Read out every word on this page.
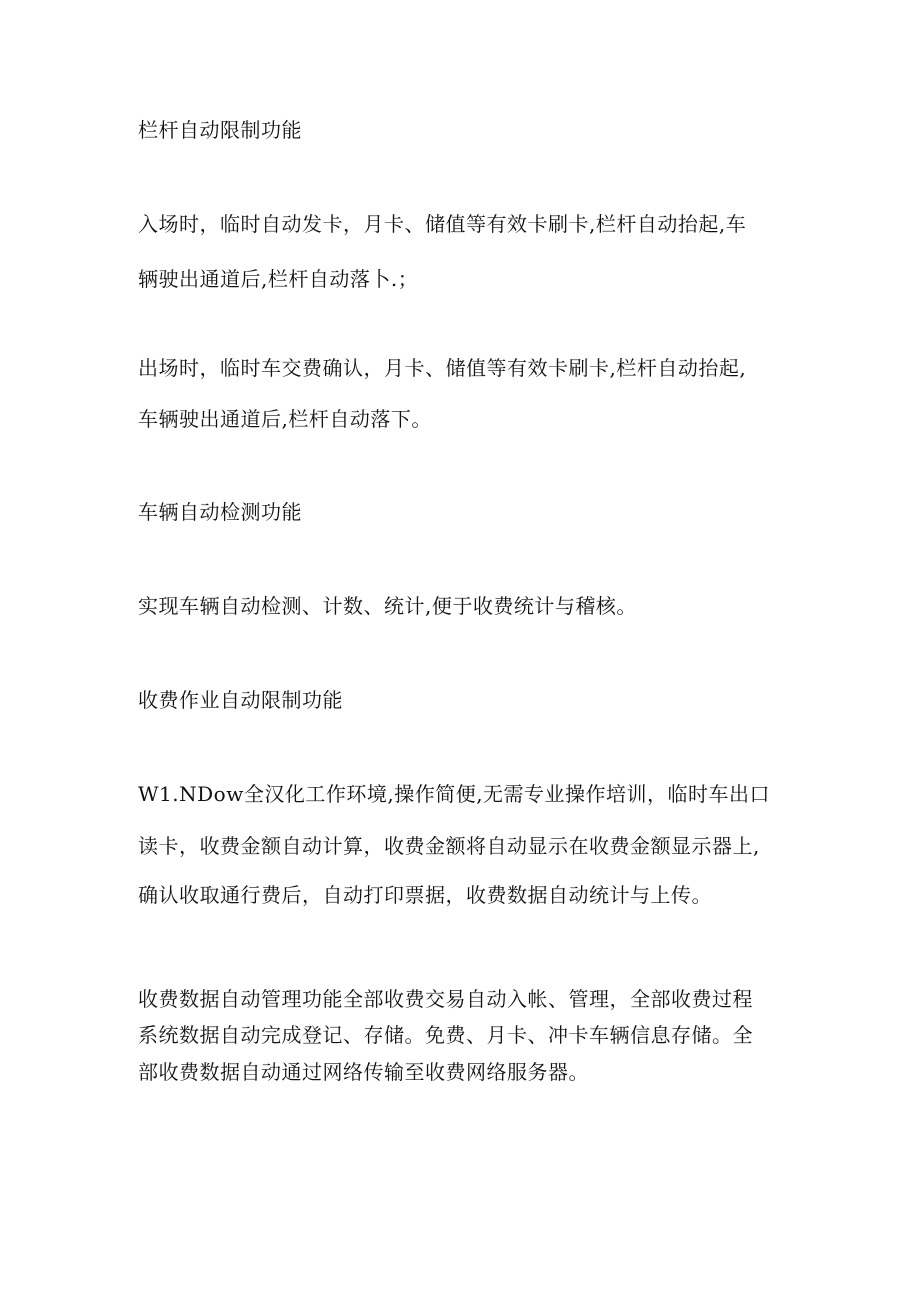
栏杆自动限制功能
入场时，临时自动发卡，月卡、储值等有效卡刷卡,栏杆自动抬起,车
辆驶出通道后,栏杆自动落卜.；
出场时，临时车交费确认，月卡、储值等有效卡刷卡,栏杆自动抬起,
车辆驶出通道后,栏杆自动落下。
车辆自动检测功能
实现车辆自动检测、计数、统计,便于收费统计与稽核。
收费作业自动限制功能
W1.NDow全汉化工作环境,操作简便,无需专业操作培训，临时车出口
读卡，收费金额自动计算，收费金额将自动显示在收费金额显示器上,
确认收取通行费后，自动打印票据，收费数据自动统计与上传。
收费数据自动管理功能全部收费交易自动入帐、管理，全部收费过程
系统数据自动完成登记、存储。免费、月卡、冲卡车辆信息存储。全
部收费数据自动通过网络传输至收费网络服务器。
